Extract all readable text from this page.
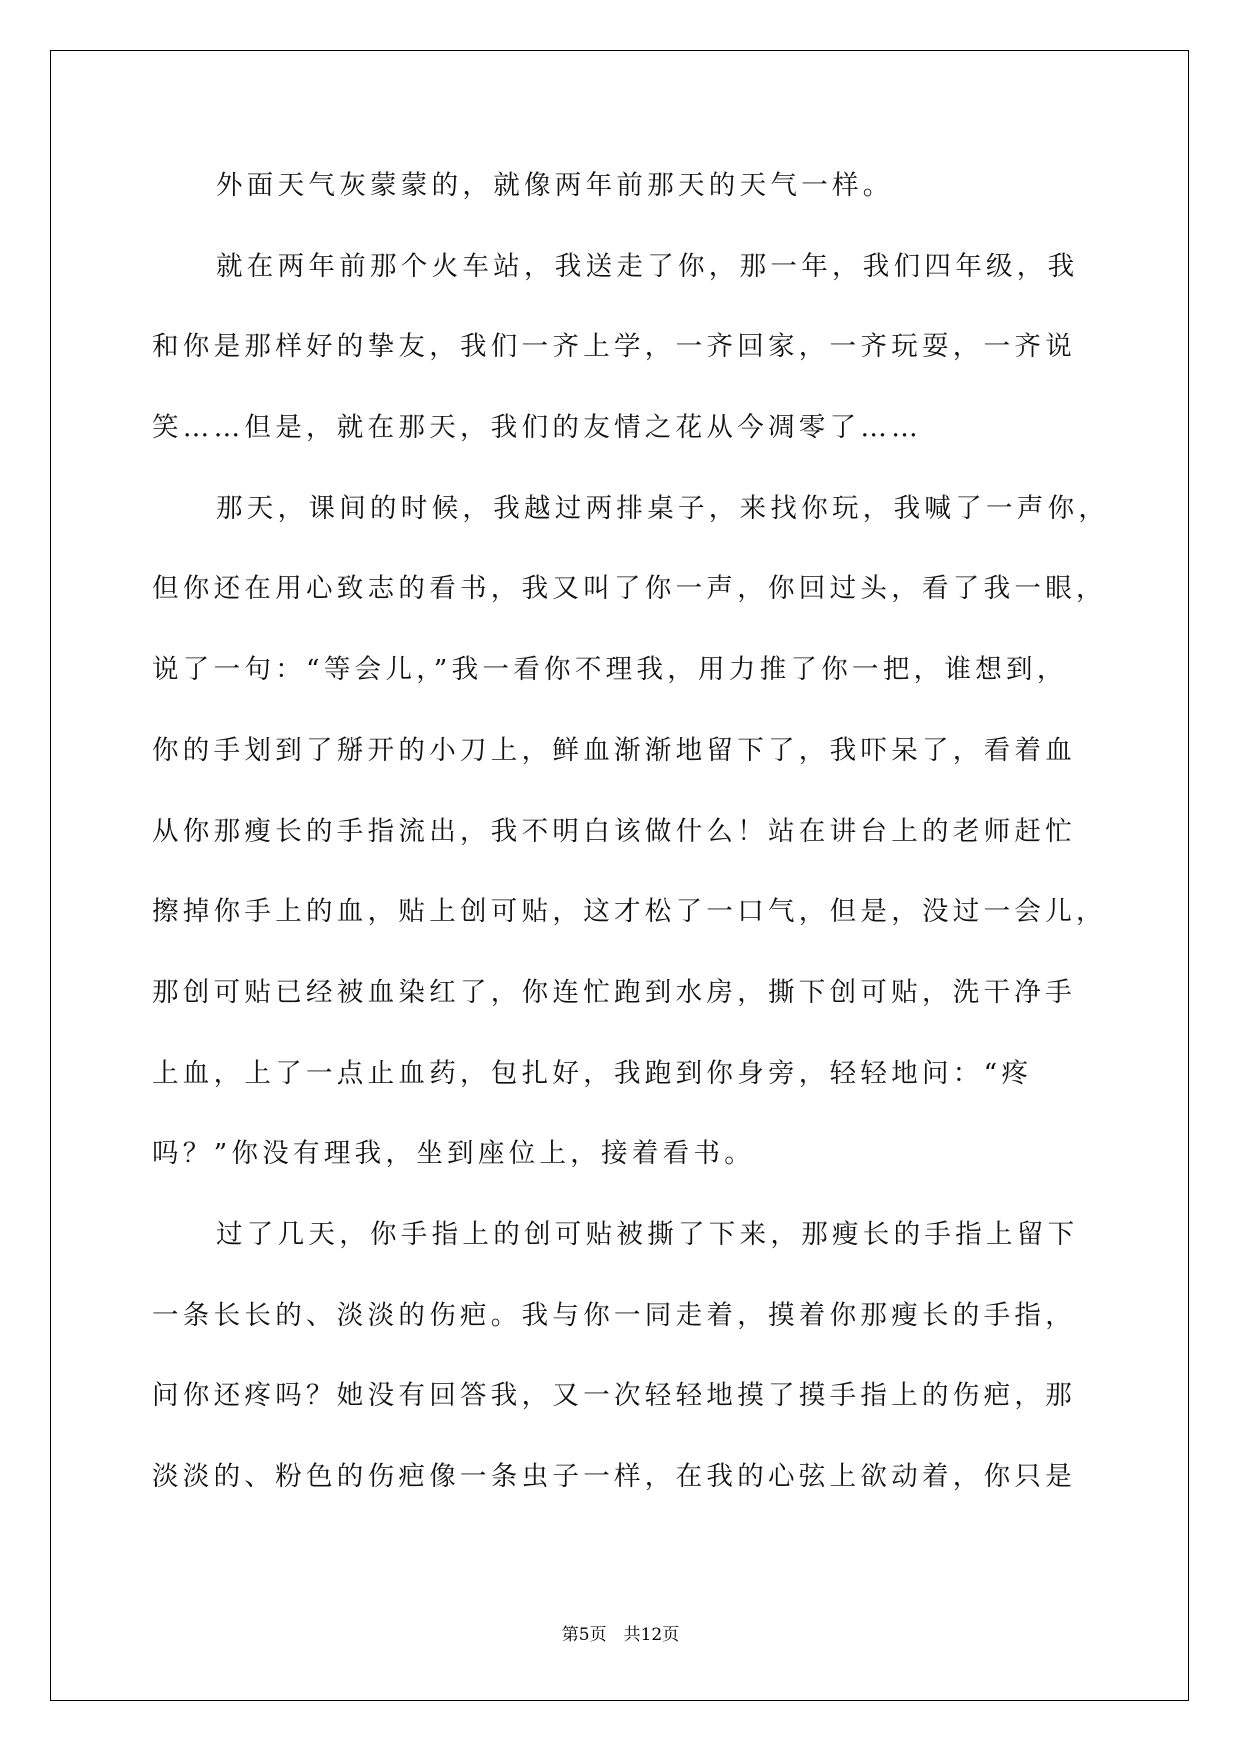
外面天气灰蒙蒙的，就像两年前那天的天气一样。
就在两年前那个火车站，我送走了你，那一年，我们四年级，我
和你是那样好的挚友，我们一齐上学，一齐回家，一齐玩耍，一齐说
笑……但是，就在那天，我们的友情之花从今凋零了……
那天，课间的时候，我越过两排桌子，来找你玩，我喊了一声你，
但你还在用心致志的看书，我又叫了你一声，你回过头，看了我一眼，
说了一句：“等会儿，”我一看你不理我，用力推了你一把，谁想到，
你的手划到了掰开的小刀上，鲜血渐渐地留下了，我吓呆了，看着血
从你那瘦长的手指流出，我不明白该做什么！站在讲台上的老师赶忙
擦掉你手上的血，贴上创可贴，这才松了一口气，但是，没过一会儿，
那创可贴已经被血染红了，你连忙跑到水房，撕下创可贴，洗干净手
上血，上了一点止血药，包扎好，我跑到你身旁，轻轻地问：“疼
吗？”你没有理我，坐到座位上，接着看书。
过了几天，你手指上的创可贴被撕了下来，那瘦长的手指上留下
一条长长的、淡淡的伤疤。我与你一同走着，摸着你那瘦长的手指，
问你还疼吗？她没有回答我，又一次轻轻地摸了摸手指上的伤疤，那
淡淡的、粉色的伤疤像一条虫子一样，在我的心弦上欲动着，你只是
第5页　共12页
